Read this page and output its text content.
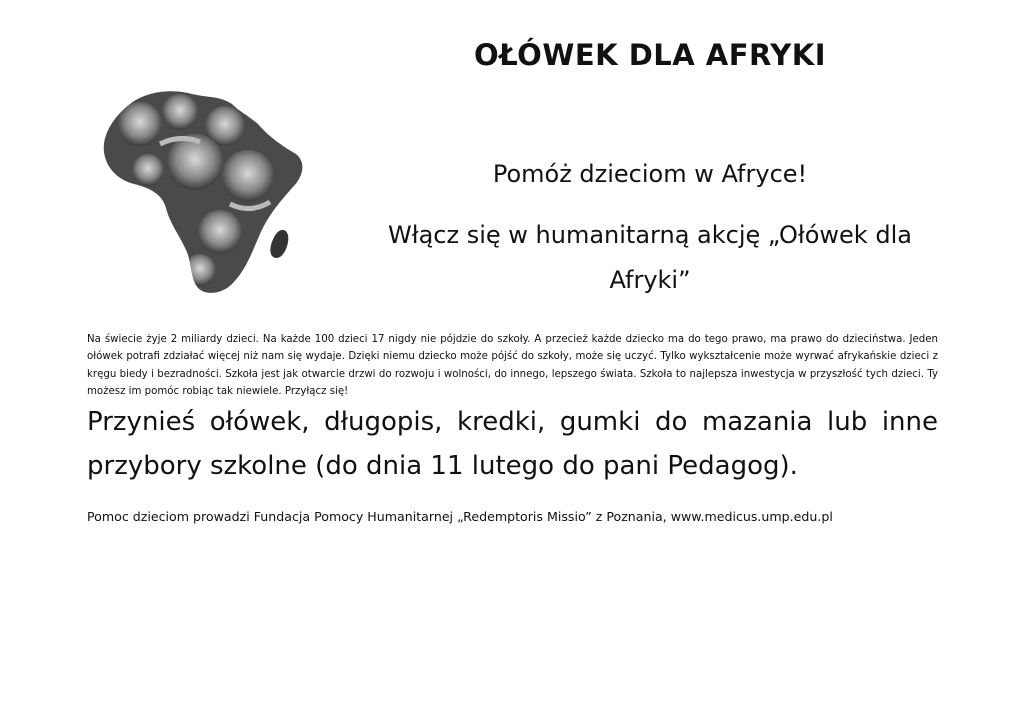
OŁÓWEK DLA AFRYKI

Pomóż dzieciom w Afryce!

Włącz się w humanitarną akcję „Ołówek dla Afryki”

Na świecie żyje 2 miliardy dzieci. Na każde 100 dzieci 17 nigdy nie pójdzie do szkoły. A przecież każde dziecko ma do tego prawo, ma prawo do dzieciństwa. Jeden ołówek potrafi zdziałać więcej niż nam się wydaje. Dzięki niemu dziecko może pójść do szkoły, może się uczyć. Tylko wykształcenie może wyrwać afrykańskie dzieci z kręgu biedy i bezradności. Szkoła jest jak otwarcie drzwi do rozwoju i wolności, do innego, lepszego świata. Szkoła to najlepsza inwestycja w przyszłość tych dzieci. Ty możesz im pomóc robiąc tak niewiele. Przyłącz się!

Przynieś ołówek, długopis, kredki, gumki do mazania lub inne przybory szkolne (do dnia 11 lutego do pani Pedagog).

Pomoc dzieciom prowadzi Fundacja Pomocy Humanitarnej „Redemptoris Missio” z Poznania, www.medicus.ump.edu.pl
